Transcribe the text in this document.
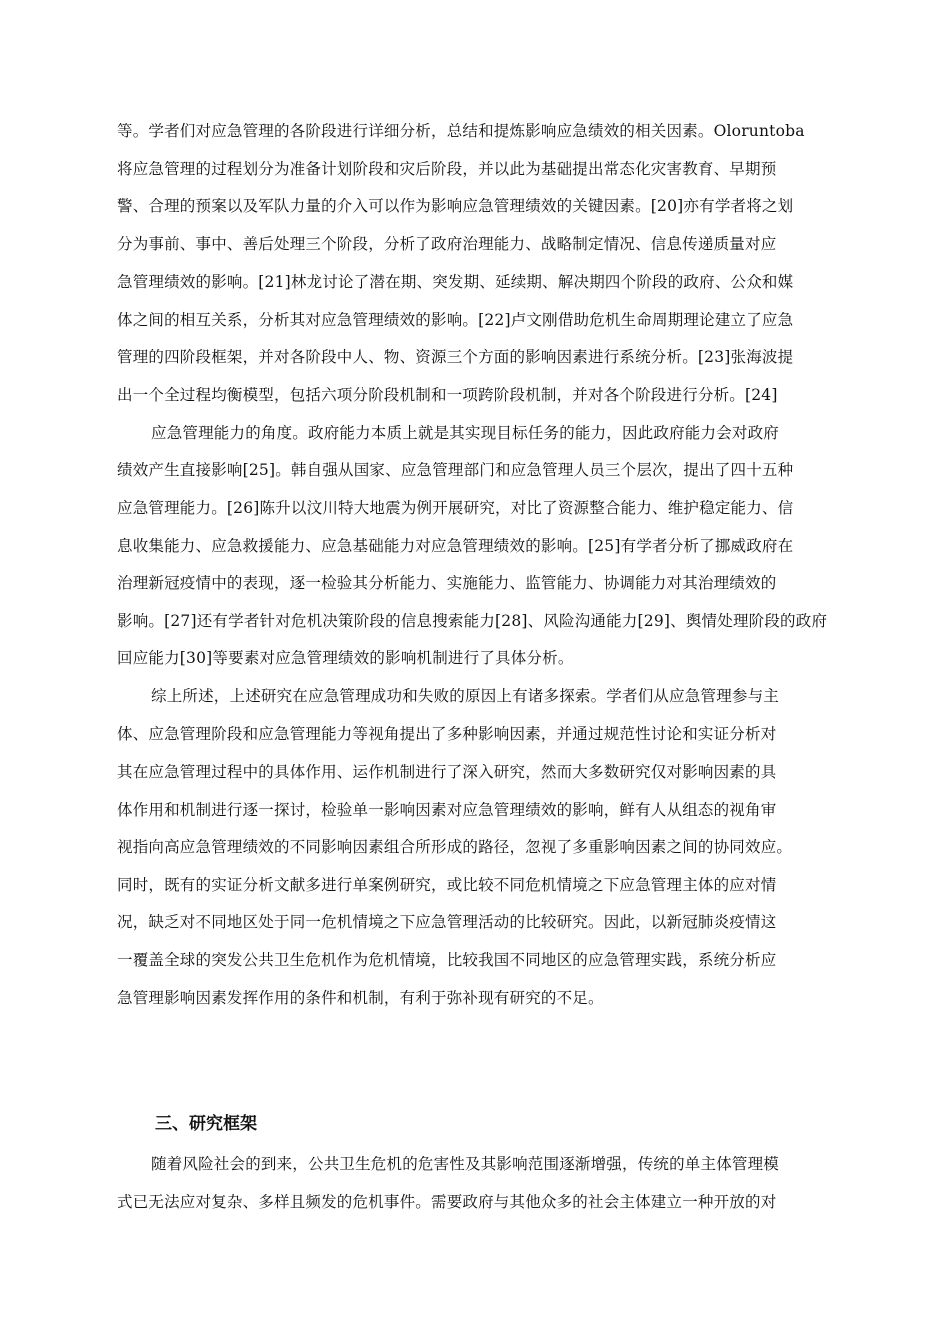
等。学者们对应急管理的各阶段进行详细分析，总结和提炼影响应急绩效的相关因素。Oloruntoba
将应急管理的过程划分为准备计划阶段和灾后阶段，并以此为基础提出常态化灾害教育、早期预
警、合理的预案以及军队力量的介入可以作为影响应急管理绩效的关键因素。[20]亦有学者将之划
分为事前、事中、善后处理三个阶段，分析了政府治理能力、战略制定情况、信息传递质量对应
急管理绩效的影响。[21]林龙讨论了潜在期、突发期、延续期、解决期四个阶段的政府、公众和媒
体之间的相互关系，分析其对应急管理绩效的影响。[22]卢文刚借助危机生命周期理论建立了应急
管理的四阶段框架，并对各阶段中人、物、资源三个方面的影响因素进行系统分析。[23]张海波提
出一个全过程均衡模型，包括六项分阶段机制和一项跨阶段机制，并对各个阶段进行分析。[24]
应急管理能力的角度。政府能力本质上就是其实现目标任务的能力，因此政府能力会对政府
绩效产生直接影响[25]。韩自强从国家、应急管理部门和应急管理人员三个层次，提出了四十五种
应急管理能力。[26]陈升以汶川特大地震为例开展研究，对比了资源整合能力、维护稳定能力、信
息收集能力、应急救援能力、应急基础能力对应急管理绩效的影响。[25]有学者分析了挪威政府在
治理新冠疫情中的表现，逐一检验其分析能力、实施能力、监管能力、协调能力对其治理绩效的
影响。[27]还有学者针对危机决策阶段的信息搜索能力[28]、风险沟通能力[29]、舆情处理阶段的政府
回应能力[30]等要素对应急管理绩效的影响机制进行了具体分析。
综上所述，上述研究在应急管理成功和失败的原因上有诸多探索。学者们从应急管理参与主
体、应急管理阶段和应急管理能力等视角提出了多种影响因素，并通过规范性讨论和实证分析对
其在应急管理过程中的具体作用、运作机制进行了深入研究，然而大多数研究仅对影响因素的具
体作用和机制进行逐一探讨，检验单一影响因素对应急管理绩效的影响，鲜有人从组态的视角审
视指向高应急管理绩效的不同影响因素组合所形成的路径，忽视了多重影响因素之间的协同效应。
同时，既有的实证分析文献多进行单案例研究，或比较不同危机情境之下应急管理主体的应对情
况，缺乏对不同地区处于同一危机情境之下应急管理活动的比较研究。因此，以新冠肺炎疫情这
一覆盖全球的突发公共卫生危机作为危机情境，比较我国不同地区的应急管理实践，系统分析应
急管理影响因素发挥作用的条件和机制，有利于弥补现有研究的不足。
三、研究框架
随着风险社会的到来，公共卫生危机的危害性及其影响范围逐渐增强，传统的单主体管理模
式已无法应对复杂、多样且频发的危机事件。需要政府与其他众多的社会主体建立一种开放的对
